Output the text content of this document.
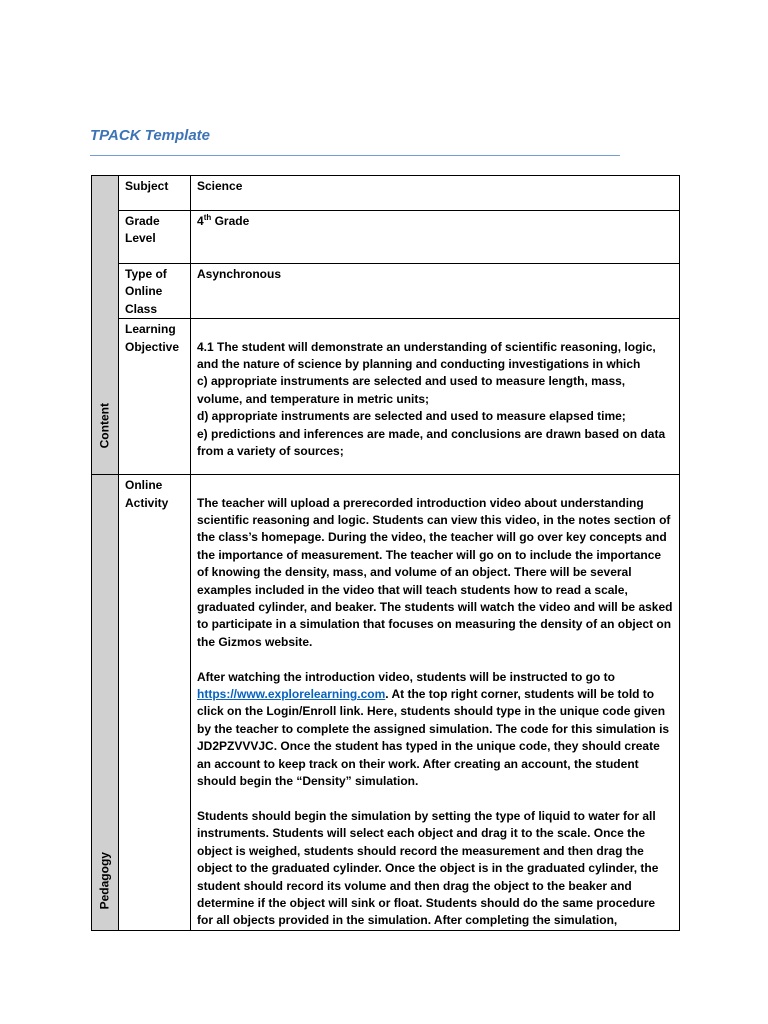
TPACK Template
Content	Subject	Science
	Grade Level	4th Grade
	Type of Online Class	Asynchronous
	Learning Objective	4.1 The student will demonstrate an understanding of scientific reasoning, logic, and the nature of science by planning and conducting investigations in which
c) appropriate instruments are selected and used to measure length, mass, volume, and temperature in metric units;
d) appropriate instruments are selected and used to measure elapsed time;
e) predictions and inferences are made, and conclusions are drawn based on data from a variety of sources;

Pedagogy	Online Activity	The teacher will upload a prerecorded introduction video about understanding scientific reasoning and logic. Students can view this video, in the notes section of the class’s homepage. During the video, the teacher will go over key concepts and the importance of measurement. The teacher will go on to include the importance of knowing the density, mass, and volume of an object. There will be several examples included in the video that will teach students how to read a scale, graduated cylinder, and beaker. The students will watch the video and will be asked to participate in a simulation that focuses on measuring the density of an object on the Gizmos website.

After watching the introduction video, students will be instructed to go to https://www.explorelearning.com. At the top right corner, students will be told to click on the Login/Enroll link. Here, students should type in the unique code given by the teacher to complete the assigned simulation. The code for this simulation is JD2PZVVVJC. Once the student has typed in the unique code, they should create an account to keep track on their work. After creating an account, the student should begin the “Density” simulation.

Students should begin the simulation by setting the type of liquid to water for all instruments. Students will select each object and drag it to the scale. Once the object is weighed, students should record the measurement and then drag the object to the graduated cylinder. Once the object is in the graduated cylinder, the student should record its volume and then drag the object to the beaker and determine if the object will sink or float. Students should do the same procedure for all objects provided in the simulation. After completing the simulation,
